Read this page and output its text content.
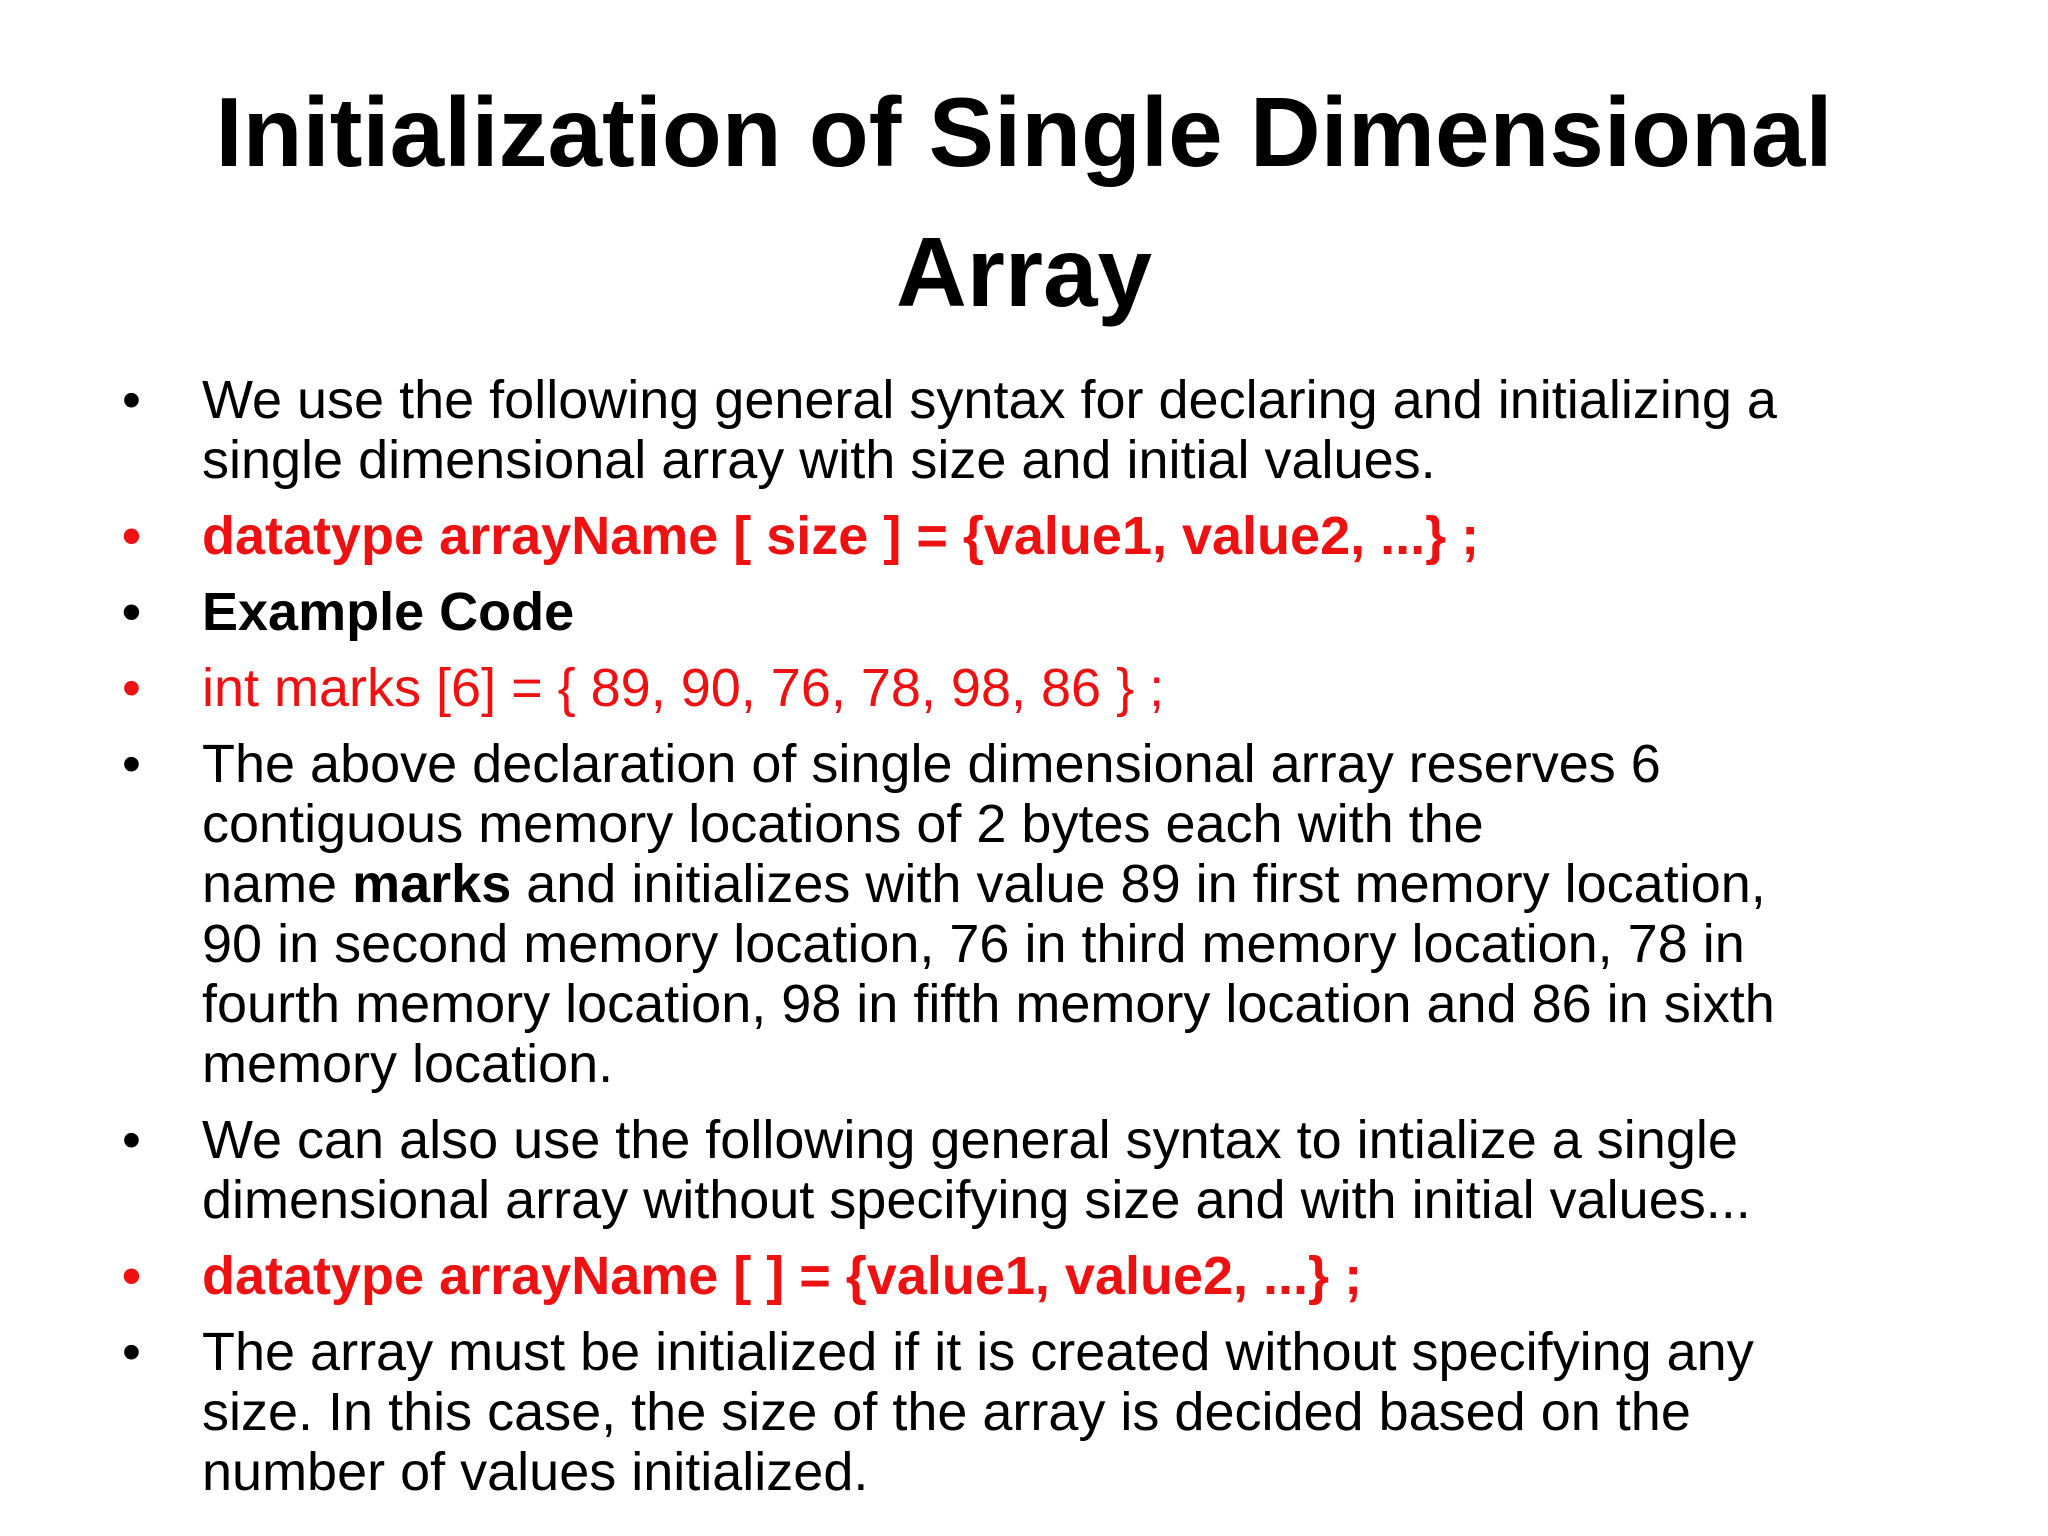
Initialization of Single Dimensional
Array
• We use the following general syntax for declaring and initializing a
single dimensional array with size and initial values.
• datatype arrayName [ size ] = {value1, value2, ...} ;
• Example Code
• int marks [6] = { 89, 90, 76, 78, 98, 86 } ;
• The above declaration of single dimensional array reserves 6
contiguous memory locations of 2 bytes each with the
name marks and initializes with value 89 in first memory location,
90 in second memory location, 76 in third memory location, 78 in
fourth memory location, 98 in fifth memory location and 86 in sixth
memory location.
• We can also use the following general syntax to intialize a single
dimensional array without specifying size and with initial values...
• datatype arrayName [ ] = {value1, value2, ...} ;
• The array must be initialized if it is created without specifying any
size. In this case, the size of the array is decided based on the
number of values initialized.
